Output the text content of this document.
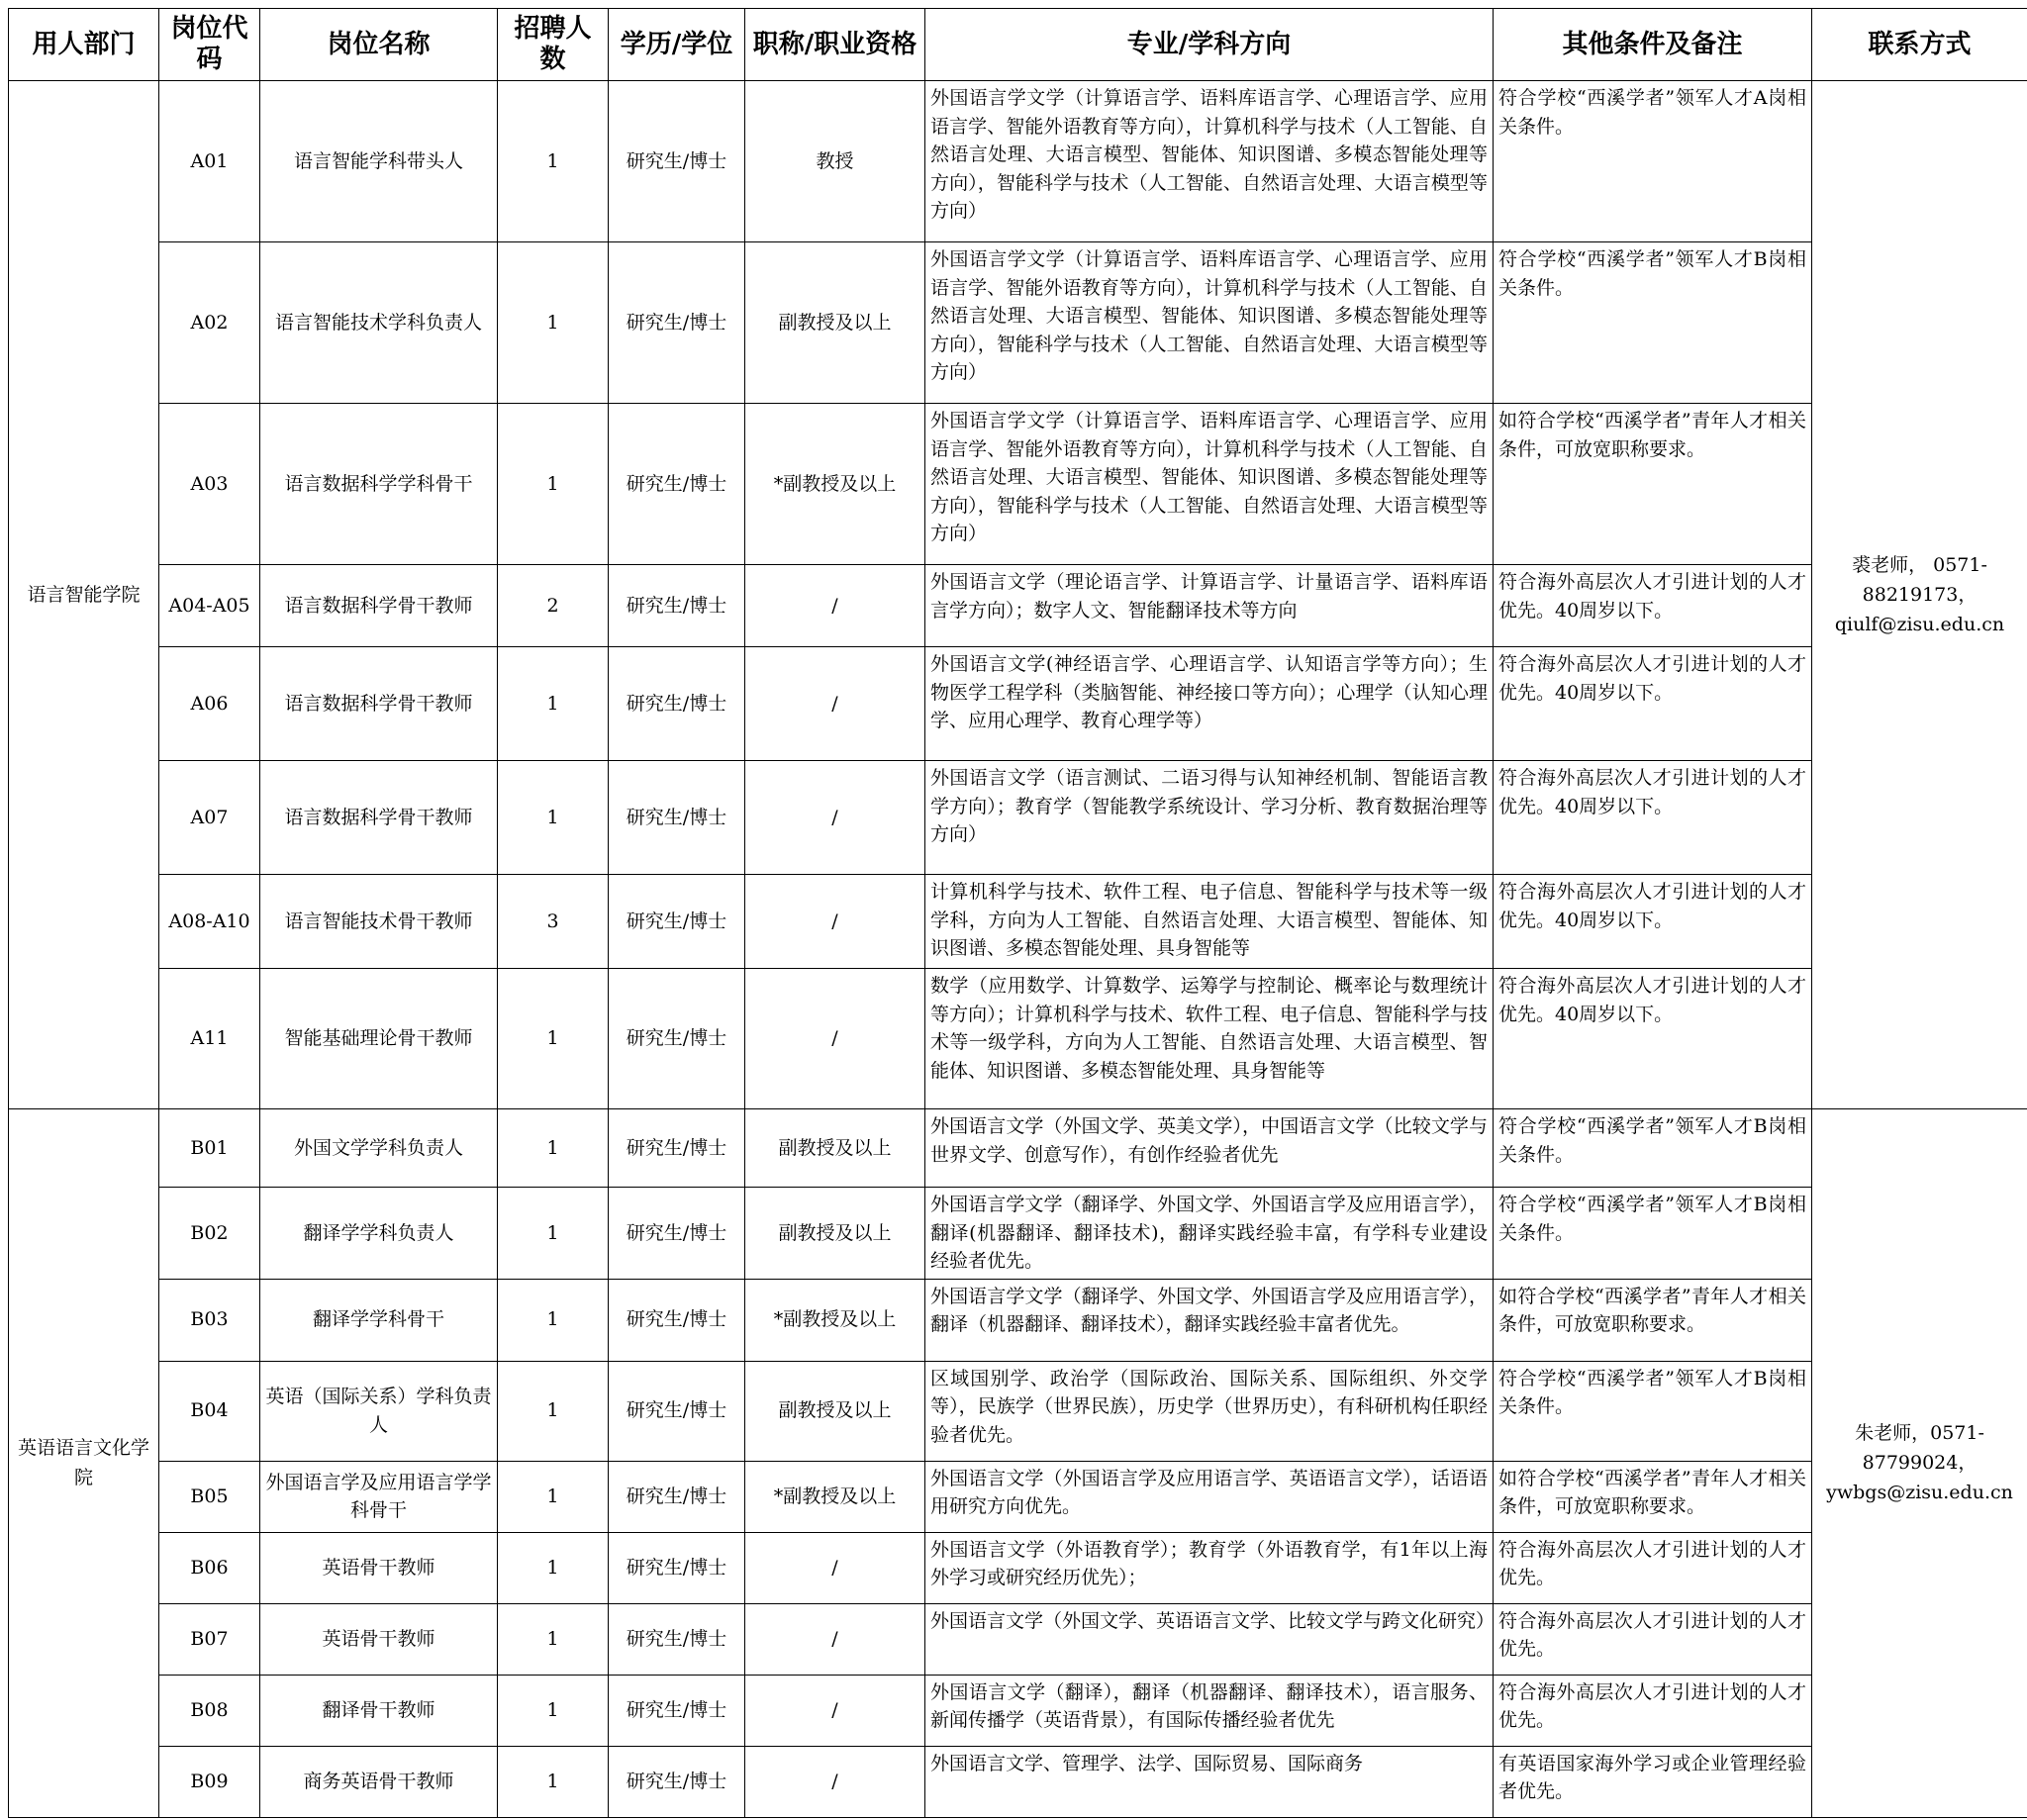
用人部门	岗位代码	岗位名称	招聘人数	学历/学位	职称/职业资格	专业/学科方向	其他条件及备注	联系方式
语言智能学院	A01	语言智能学科带头人	1	研究生/博士	教授	外国语言学文学（计算语言学、语料库语言学、心理语言学、应用语言学、智能外语教育等方向），计算机科学与技术（人工智能、自然语言处理、大语言模型、智能体、知识图谱、多模态智能处理等方向），智能科学与技术（人工智能、自然语言处理、大语言模型等方向）	符合学校“西溪学者”领军人才A岗相关条件。	裘老师， 0571-88219173，qiulf@zisu.edu.cn
	A02	语言智能技术学科负责人	1	研究生/博士	副教授及以上	外国语言学文学（计算语言学、语料库语言学、心理语言学、应用语言学、智能外语教育等方向），计算机科学与技术（人工智能、自然语言处理、大语言模型、智能体、知识图谱、多模态智能处理等方向），智能科学与技术（人工智能、自然语言处理、大语言模型等方向）	符合学校“西溪学者”领军人才B岗相关条件。	
	A03	语言数据科学学科骨干	1	研究生/博士	*副教授及以上	外国语言学文学（计算语言学、语料库语言学、心理语言学、应用语言学、智能外语教育等方向），计算机科学与技术（人工智能、自然语言处理、大语言模型、智能体、知识图谱、多模态智能处理等方向），智能科学与技术（人工智能、自然语言处理、大语言模型等方向）	如符合学校“西溪学者”青年人才相关条件，可放宽职称要求。	
	A04-A05	语言数据科学骨干教师	2	研究生/博士	/	外国语言文学（理论语言学、计算语言学、计量语言学、语料库语言学方向）；数字人文、智能翻译技术等方向	符合海外高层次人才引进计划的人才优先。40周岁以下。	
	A06	语言数据科学骨干教师	1	研究生/博士	/	外国语言文学(神经语言学、心理语言学、认知语言学等方向）；生物医学工程学科（类脑智能、神经接口等方向）；心理学（认知心理学、应用心理学、教育心理学等）	符合海外高层次人才引进计划的人才优先。40周岁以下。	
	A07	语言数据科学骨干教师	1	研究生/博士	/	外国语言文学（语言测试、二语习得与认知神经机制、智能语言教学方向）；教育学（智能教学系统设计、学习分析、教育数据治理等方向）	符合海外高层次人才引进计划的人才优先。40周岁以下。	
	A08-A10	语言智能技术骨干教师	3	研究生/博士	/	计算机科学与技术、软件工程、电子信息、智能科学与技术等一级学科，方向为人工智能、自然语言处理、大语言模型、智能体、知识图谱、多模态智能处理、具身智能等	符合海外高层次人才引进计划的人才优先。40周岁以下。	
	A11	智能基础理论骨干教师	1	研究生/博士	/	数学（应用数学、计算数学、运筹学与控制论、概率论与数理统计等方向）；计算机科学与技术、软件工程、电子信息、智能科学与技术等一级学科，方向为人工智能、自然语言处理、大语言模型、智能体、知识图谱、多模态智能处理、具身智能等	符合海外高层次人才引进计划的人才优先。40周岁以下。	
英语语言文化学院	B01	外国文学学科负责人	1	研究生/博士	副教授及以上	外国语言文学（外国文学、英美文学），中国语言文学（比较文学与世界文学、创意写作），有创作经验者优先	符合学校“西溪学者”领军人才B岗相关条件。	朱老师，0571-87799024，ywbgs@zisu.edu.cn
	B02	翻译学学科负责人	1	研究生/博士	副教授及以上	外国语言学文学（翻译学、外国文学、外国语言学及应用语言学），翻译(机器翻译、翻译技术)，翻译实践经验丰富，有学科专业建设经验者优先。	符合学校“西溪学者”领军人才B岗相关条件。	
	B03	翻译学学科骨干	1	研究生/博士	*副教授及以上	外国语言学文学（翻译学、外国文学、外国语言学及应用语言学），翻译（机器翻译、翻译技术），翻译实践经验丰富者优先。	如符合学校“西溪学者”青年人才相关条件，可放宽职称要求。	
	B04	英语（国际关系）学科负责人	1	研究生/博士	副教授及以上	区域国别学、政治学（国际政治、国际关系、国际组织、外交学等），民族学（世界民族），历史学（世界历史），有科研机构任职经验者优先。	符合学校“西溪学者”领军人才B岗相关条件。	
	B05	外国语言学及应用语言学学科骨干	1	研究生/博士	*副教授及以上	外国语言文学（外国语言学及应用语言学、英语语言文学），话语语用研究方向优先。	如符合学校“西溪学者”青年人才相关条件，可放宽职称要求。	
	B06	英语骨干教师	1	研究生/博士	/	外国语言文学（外语教育学）；教育学（外语教育学，有1年以上海外学习或研究经历优先）；	符合海外高层次人才引进计划的人才优先。	
	B07	英语骨干教师	1	研究生/博士	/	外国语言文学（外国文学、英语语言文学、比较文学与跨文化研究）	符合海外高层次人才引进计划的人才优先。	
	B08	翻译骨干教师	1	研究生/博士	/	外国语言文学（翻译），翻译（机器翻译、翻译技术），语言服务、新闻传播学（英语背景），有国际传播经验者优先	符合海外高层次人才引进计划的人才优先。	
	B09	商务英语骨干教师	1	研究生/博士	/	外国语言文学、管理学、法学、国际贸易、国际商务	有英语国家海外学习或企业管理经验者优先。	
